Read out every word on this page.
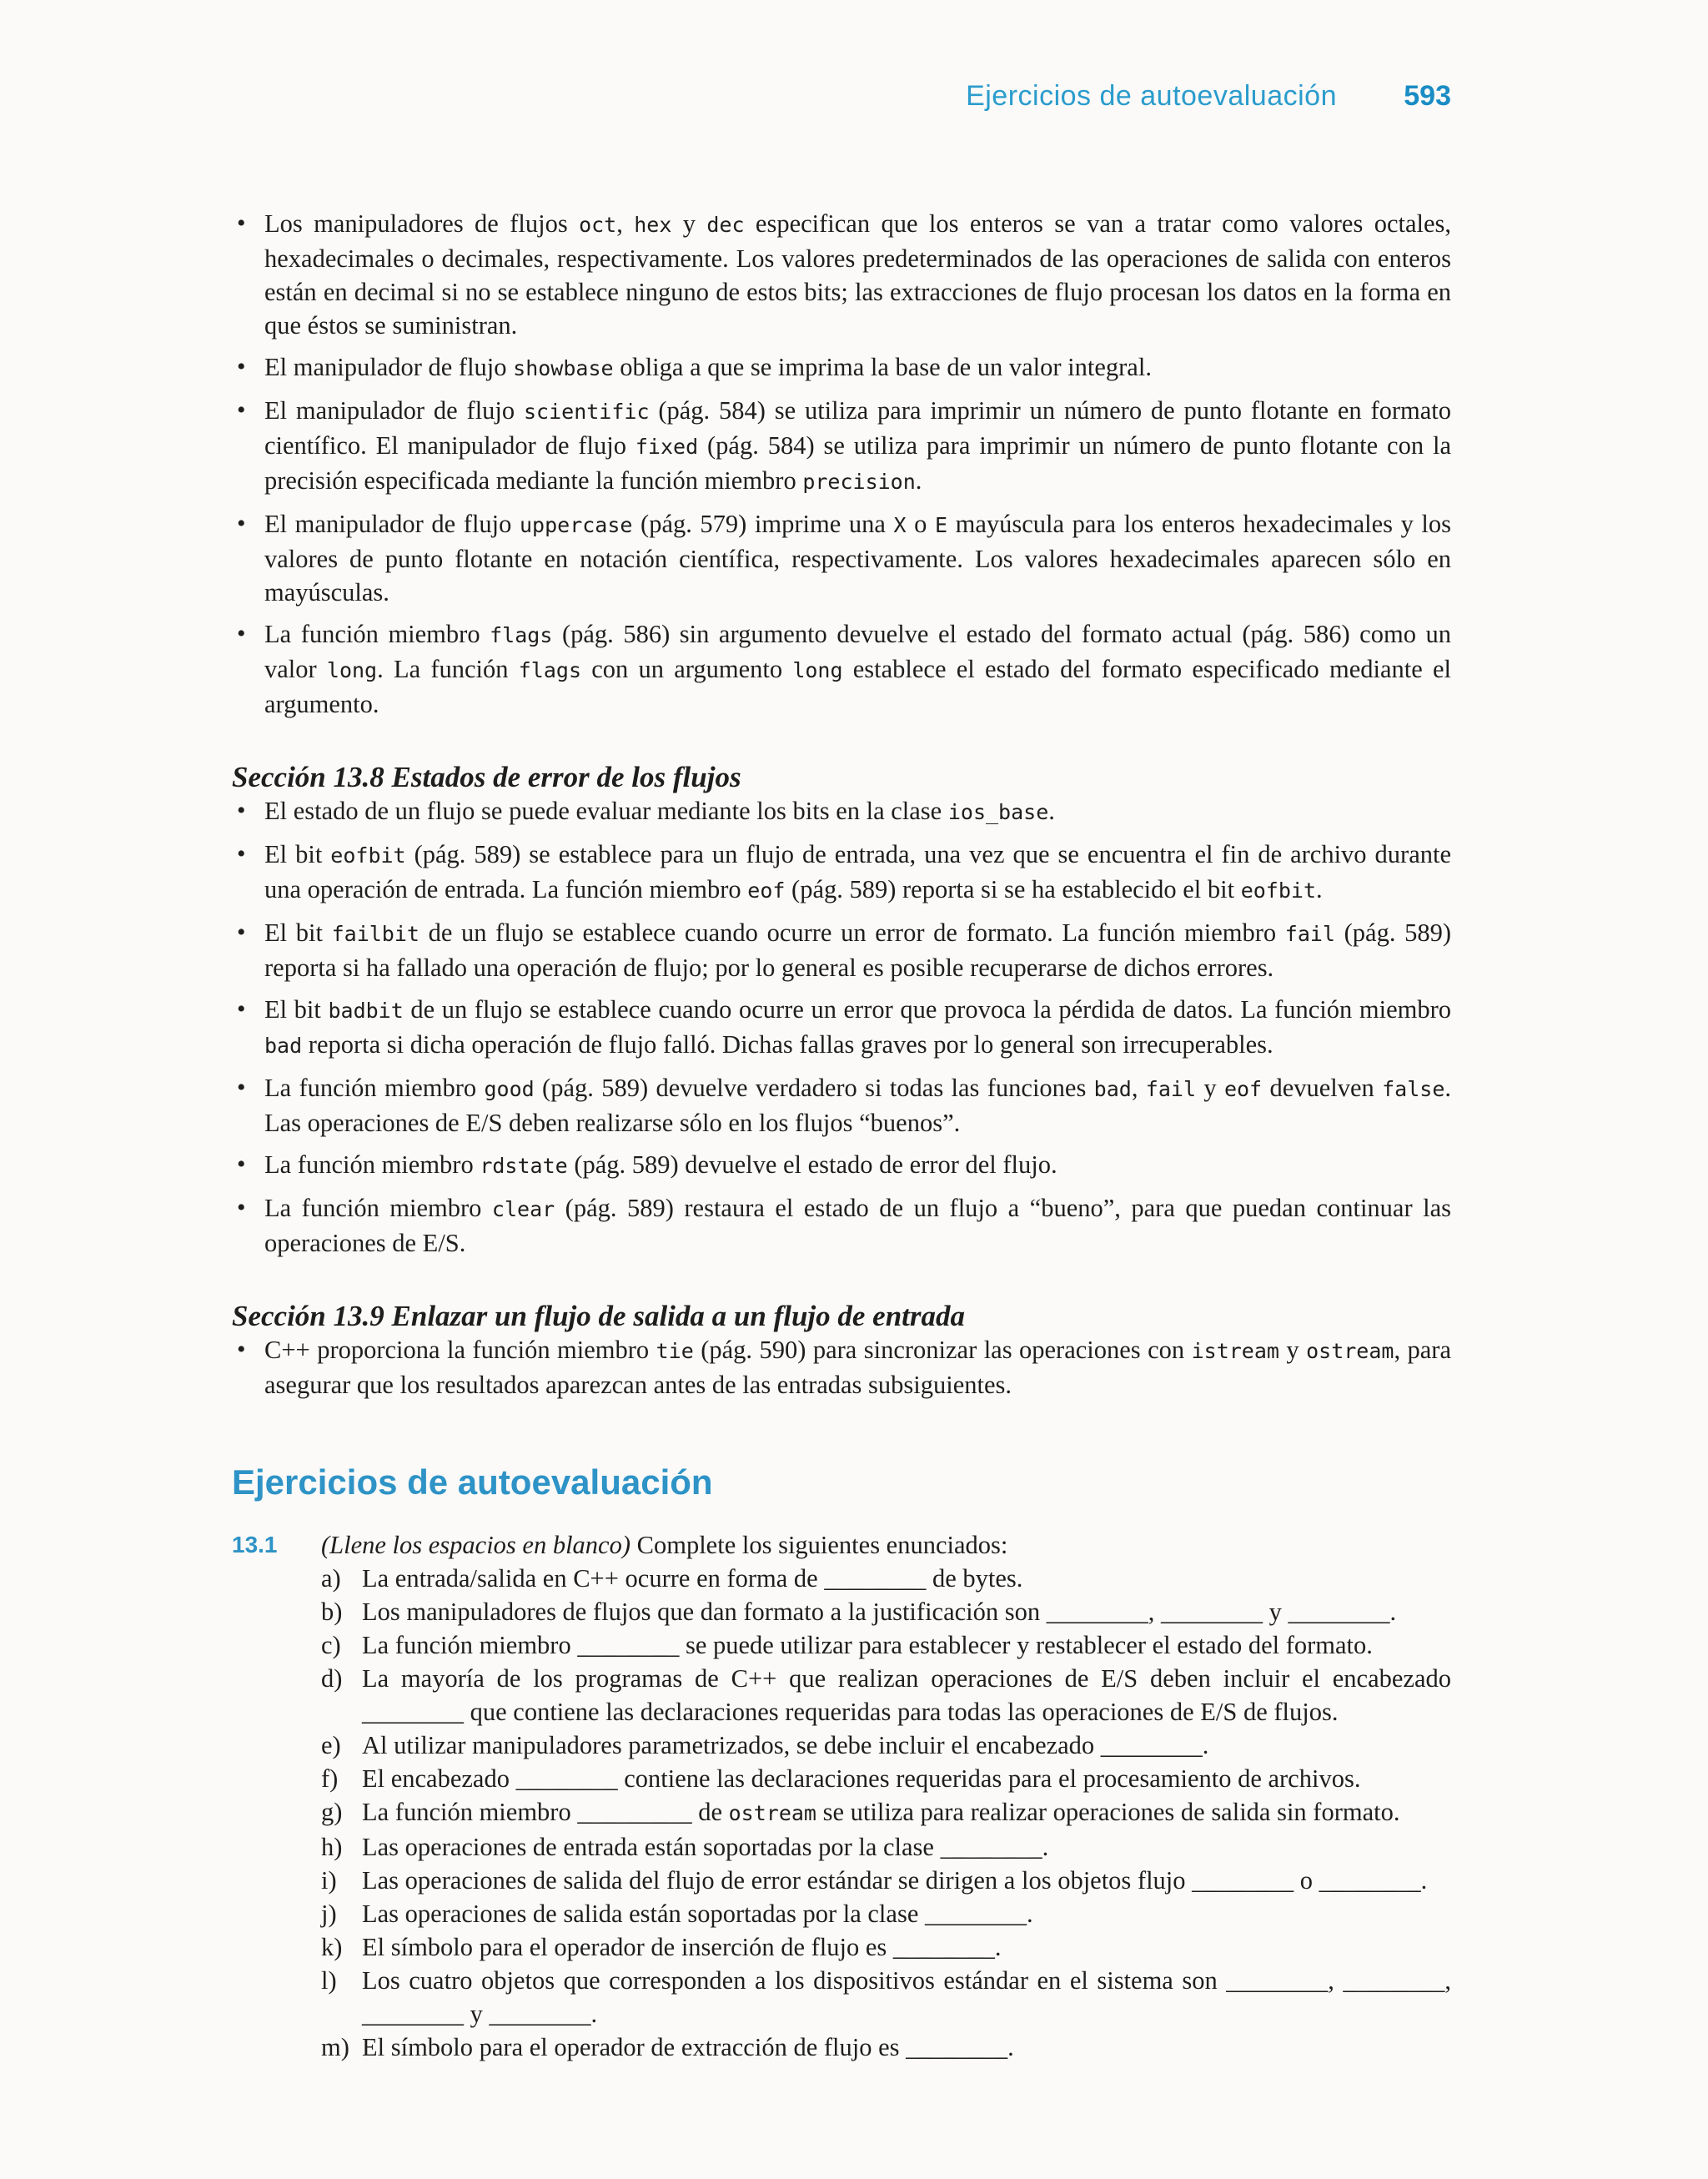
Ejercicios de autoevaluación 593
• Los manipuladores de flujos oct, hex y dec especifican que los enteros se van a tratar como valores octales, hexadecimales o decimales, respectivamente. Los valores predeterminados de las operaciones de salida con enteros están en decimal si no se establece ninguno de estos bits; las extracciones de flujo procesan los datos en la forma en que éstos se suministran.
• El manipulador de flujo showbase obliga a que se imprima la base de un valor integral.
• El manipulador de flujo scientific (pág. 584) se utiliza para imprimir un número de punto flotante en formato científico. El manipulador de flujo fixed (pág. 584) se utiliza para imprimir un número de punto flotante con la precisión especificada mediante la función miembro precision.
• El manipulador de flujo uppercase (pág. 579) imprime una X o E mayúscula para los enteros hexadecimales y los valores de punto flotante en notación científica, respectivamente. Los valores hexadecimales aparecen sólo en mayúsculas.
• La función miembro flags (pág. 586) sin argumento devuelve el estado del formato actual (pág. 586) como un valor long. La función flags con un argumento long establece el estado del formato especificado mediante el argumento.
Sección 13.8 Estados de error de los flujos
• El estado de un flujo se puede evaluar mediante los bits en la clase ios_base.
• El bit eofbit (pág. 589) se establece para un flujo de entrada, una vez que se encuentra el fin de archivo durante una operación de entrada. La función miembro eof (pág. 589) reporta si se ha establecido el bit eofbit.
• El bit failbit de un flujo se establece cuando ocurre un error de formato. La función miembro fail (pág. 589) reporta si ha fallado una operación de flujo; por lo general es posible recuperarse de dichos errores.
• El bit badbit de un flujo se establece cuando ocurre un error que provoca la pérdida de datos. La función miembro bad reporta si dicha operación de flujo falló. Dichas fallas graves por lo general son irrecuperables.
• La función miembro good (pág. 589) devuelve verdadero si todas las funciones bad, fail y eof devuelven false. Las operaciones de E/S deben realizarse sólo en los flujos “buenos”.
• La función miembro rdstate (pág. 589) devuelve el estado de error del flujo.
• La función miembro clear (pág. 589) restaura el estado de un flujo a “bueno”, para que puedan continuar las operaciones de E/S.
Sección 13.9 Enlazar un flujo de salida a un flujo de entrada
• C++ proporciona la función miembro tie (pág. 590) para sincronizar las operaciones con istream y ostream, para asegurar que los resultados aparezcan antes de las entradas subsiguientes.
Ejercicios de autoevaluación
13.1 (Llene los espacios en blanco) Complete los siguientes enunciados:
a) La entrada/salida en C++ ocurre en forma de ________ de bytes.
b) Los manipuladores de flujos que dan formato a la justificación son ________, ________ y ________.
c) La función miembro ________ se puede utilizar para establecer y restablecer el estado del formato.
d) La mayoría de los programas de C++ que realizan operaciones de E/S deben incluir el encabezado ________ que contiene las declaraciones requeridas para todas las operaciones de E/S de flujos.
e) Al utilizar manipuladores parametrizados, se debe incluir el encabezado ________.
f) El encabezado ________ contiene las declaraciones requeridas para el procesamiento de archivos.
g) La función miembro _________ de ostream se utiliza para realizar operaciones de salida sin formato.
h) Las operaciones de entrada están soportadas por la clase ________.
i) Las operaciones de salida del flujo de error estándar se dirigen a los objetos flujo ________ o ________.
j) Las operaciones de salida están soportadas por la clase ________.
k) El símbolo para el operador de inserción de flujo es ________.
l) Los cuatro objetos que corresponden a los dispositivos estándar en el sistema son ________, ________, ________ y ________.
m) El símbolo para el operador de extracción de flujo es ________.
